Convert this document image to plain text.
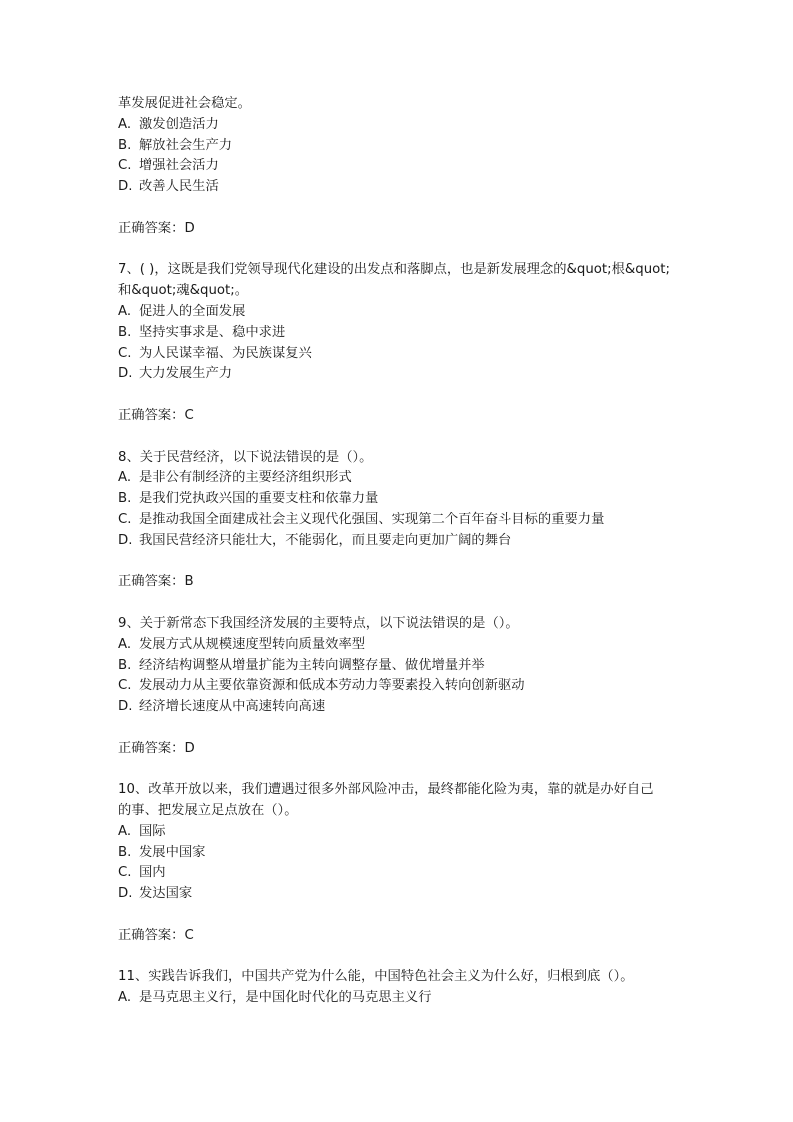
革发展促进社会稳定。

A. 激发创造活力

B. 解放社会生产力

C. 增强社会活力

D. 改善人民生活

正确答案：D

7、( )，这既是我们党领导现代化建设的出发点和落脚点，也是新发展理念的&quot;根&quot;

和&quot;魂&quot;。

A. 促进人的全面发展

B. 坚持实事求是、稳中求进

C. 为人民谋幸福、为民族谋复兴

D. 大力发展生产力

正确答案：C

8、关于民营经济，以下说法错误的是（）。

A. 是非公有制经济的主要经济组织形式

B. 是我们党执政兴国的重要支柱和依靠力量

C. 是推动我国全面建成社会主义现代化强国、实现第二个百年奋斗目标的重要力量

D. 我国民营经济只能壮大，不能弱化，而且要走向更加广阔的舞台

正确答案：B

9、关于新常态下我国经济发展的主要特点，以下说法错误的是（）。

A. 发展方式从规模速度型转向质量效率型

B. 经济结构调整从增量扩能为主转向调整存量、做优增量并举

C. 发展动力从主要依靠资源和低成本劳动力等要素投入转向创新驱动

D. 经济增长速度从中高速转向高速

正确答案：D

10、改革开放以来，我们遭遇过很多外部风险冲击，最终都能化险为夷，靠的就是办好自己

的事、把发展立足点放在（）。

A. 国际

B. 发展中国家

C. 国内

D. 发达国家

正确答案：C

11、实践告诉我们，中国共产党为什么能，中国特色社会主义为什么好，归根到底（）。

A. 是马克思主义行，是中国化时代化的马克思主义行
